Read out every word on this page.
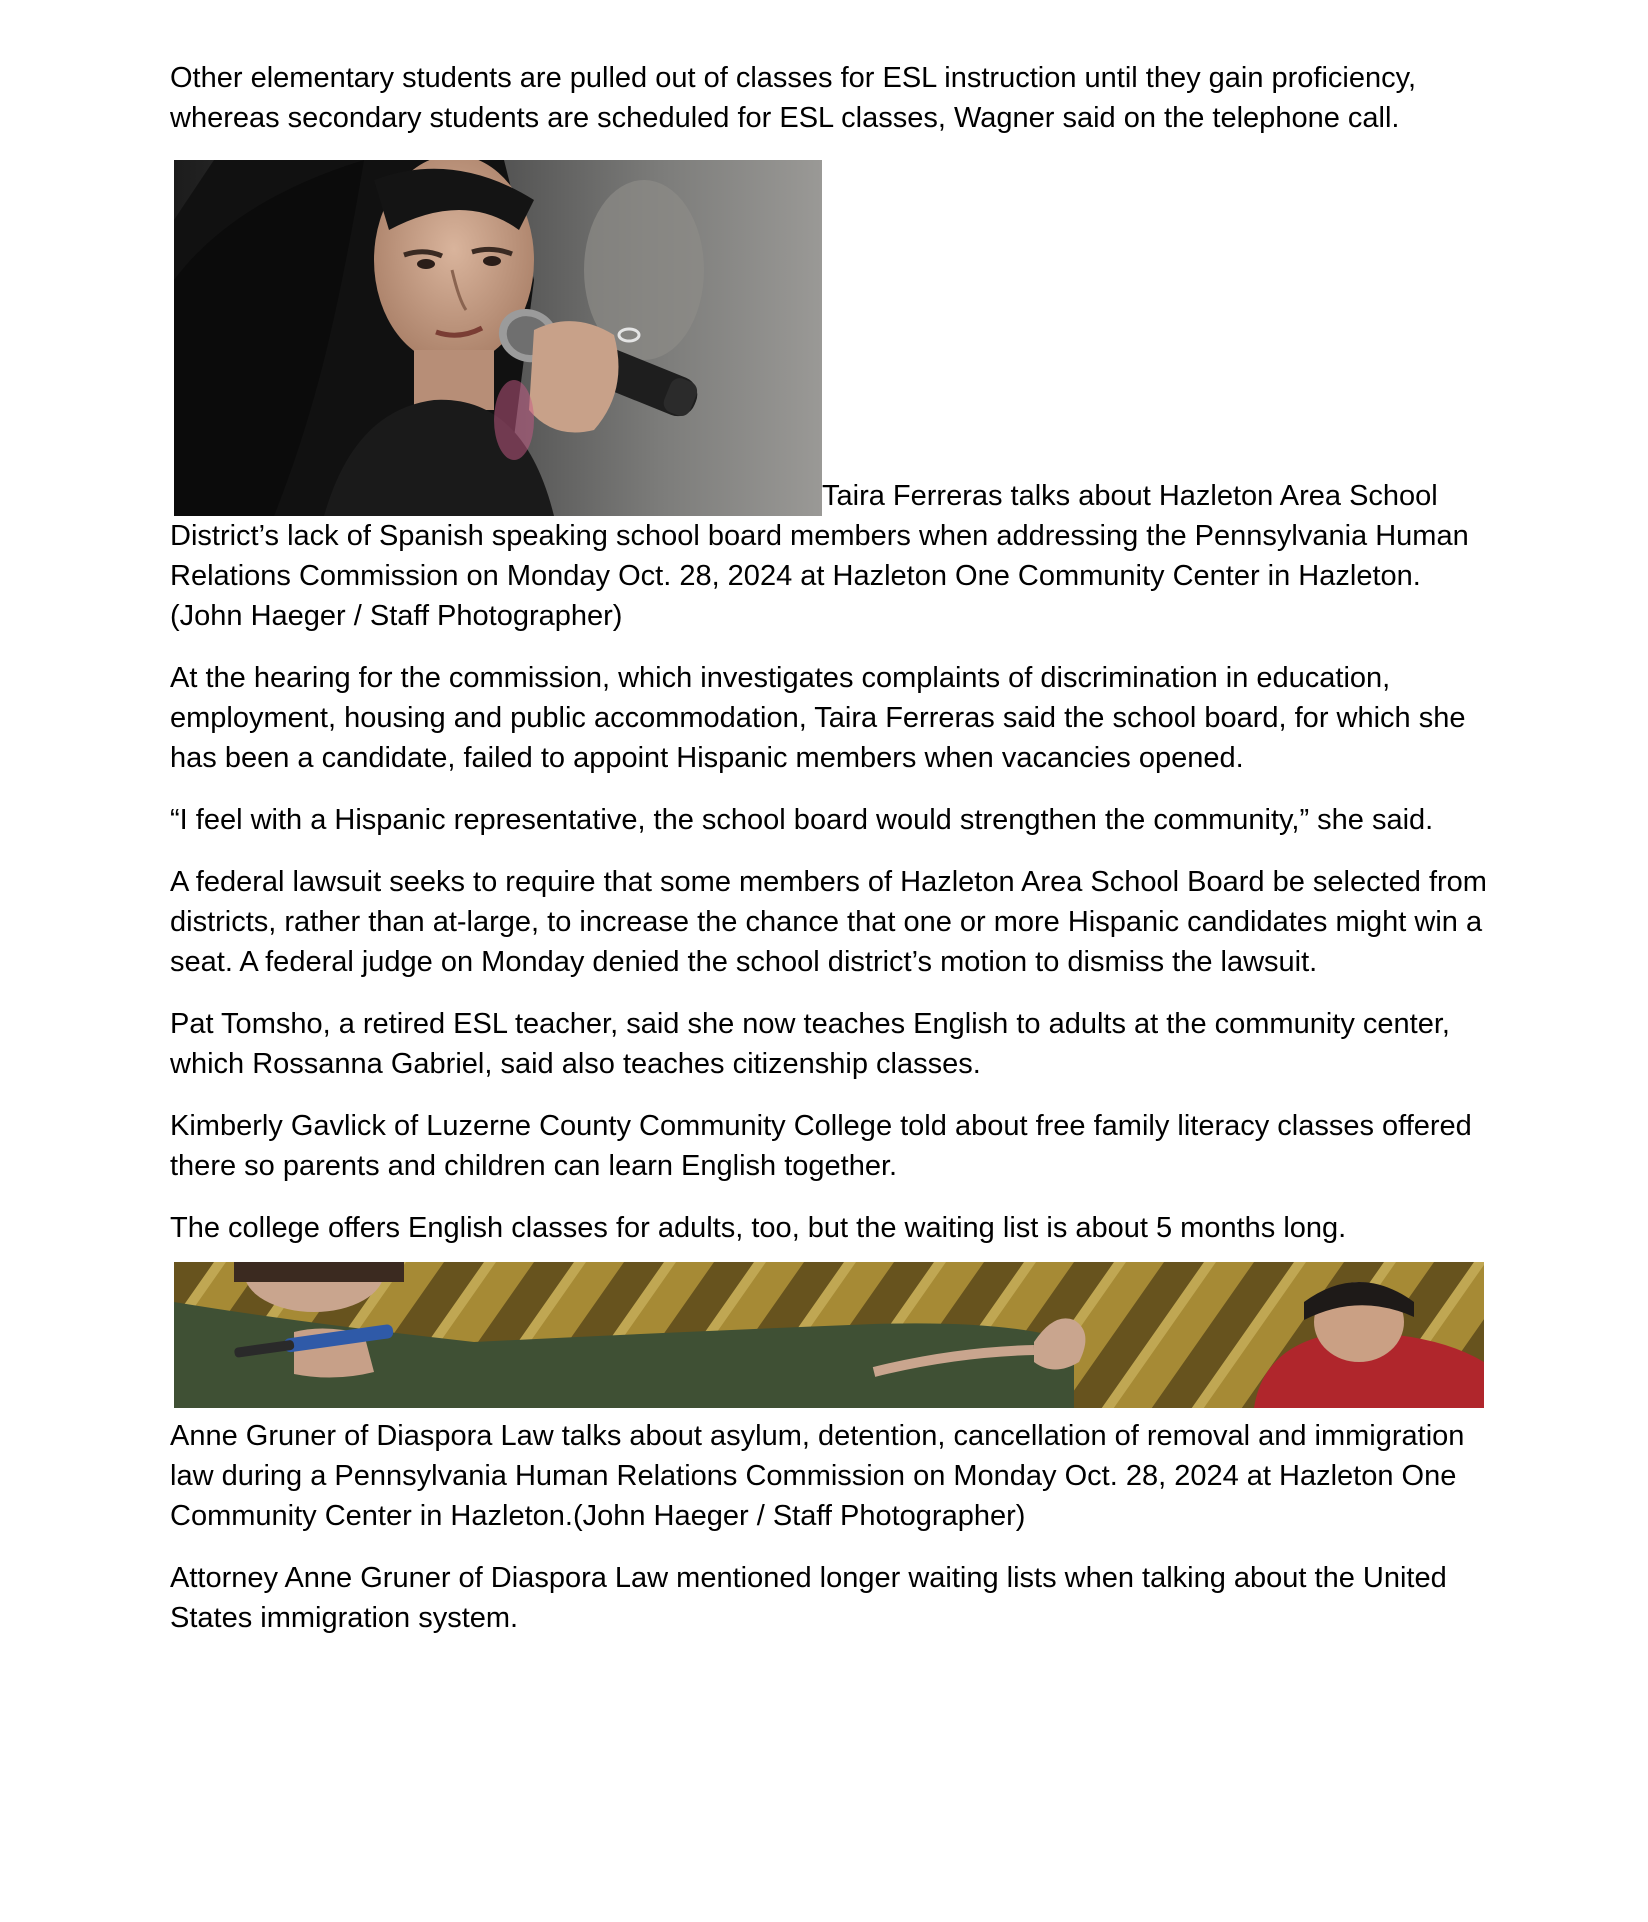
Other elementary students are pulled out of classes for ESL instruction until they gain proficiency, whereas secondary students are scheduled for ESL classes, Wagner said on the telephone call.

Taira Ferreras talks about Hazleton Area School District’s lack of Spanish speaking school board members when addressing the Pennsylvania Human Relations Commission on Monday Oct. 28, 2024 at Hazleton One Community Center in Hazleton.(John Haeger / Staff Photographer)

At the hearing for the commission, which investigates complaints of discrimination in education, employment, housing and public accommodation, Taira Ferreras said the school board, for which she has been a candidate, failed to appoint Hispanic members when vacancies opened.

“I feel with a Hispanic representative, the school board would strengthen the community,” she said.

A federal lawsuit seeks to require that some members of Hazleton Area School Board be selected from districts, rather than at-large, to increase the chance that one or more Hispanic candidates might win a seat. A federal judge on Monday denied the school district’s motion to dismiss the lawsuit.

Pat Tomsho, a retired ESL teacher, said she now teaches English to adults at the community center, which Rossanna Gabriel, said also teaches citizenship classes.

Kimberly Gavlick of Luzerne County Community College told about free family literacy classes offered there so parents and children can learn English together.

The college offers English classes for adults, too, but the waiting list is about 5 months long.

Anne Gruner of Diaspora Law talks about asylum, detention, cancellation of removal and immigration law during a Pennsylvania Human Relations Commission on Monday Oct. 28, 2024 at Hazleton One Community Center in Hazleton.(John Haeger / Staff Photographer)

Attorney Anne Gruner of Diaspora Law mentioned longer waiting lists when talking about the United States immigration system.
